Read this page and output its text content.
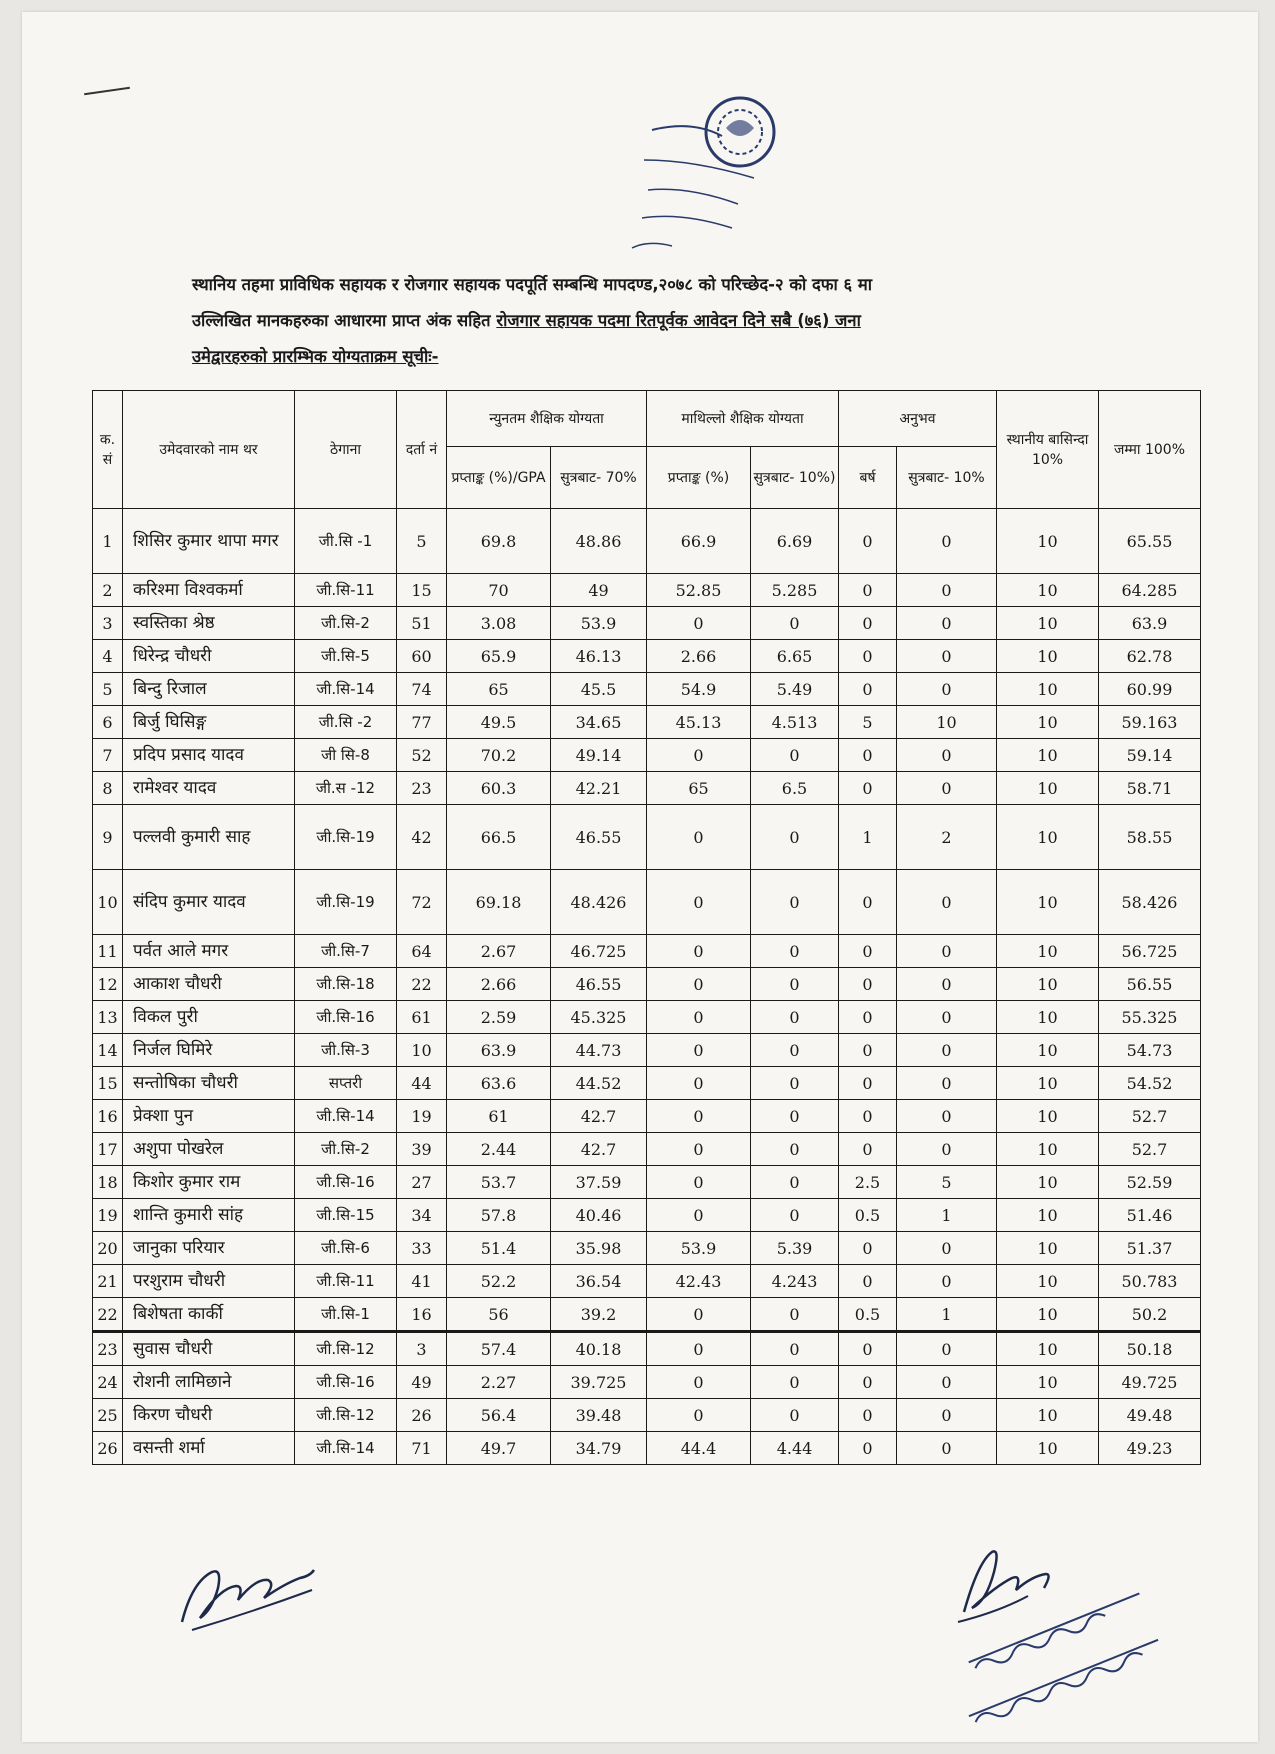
स्थानिय तहमा प्राविधिक सहायक र रोजगार सहायक पदपूर्ति सम्बन्धि मापदण्ड,२०७८ को परिच्छेद-२ को दफा ६ मा
उल्लिखित मानकहरुका आधारमा प्राप्त अंक सहित रोजगार सहायक पदमा रितपूर्वक आवेदन दिने सबै (७६) जना
उमेद्वारहरुको प्रारम्भिक योग्यताक्रम सूचीः-
क. सं	उमेदवारको नाम थर	ठेगाना	दर्ता नं	न्युनतम शैक्षिक योग्यता		माथिल्लो शैक्षिक योग्यता		अनुभव		स्थानीय बासिन्दा 10%	जम्मा 100%
				प्रप्ताङ्क (%)/GPA	सुत्रबाट- 70%	प्रप्ताङ्क (%)	सुत्रबाट- 10%)	बर्ष	सुत्रबाट- 10%		
1	शिसिर कुमार थापा मगर	जी.सि -1	5	69.8	48.86	66.9	6.69	0	0	10	65.55
2	करिश्मा विश्वकर्मा	जी.सि-11	15	70	49	52.85	5.285	0	0	10	64.285
3	स्वस्तिका श्रेष्ठ	जी.सि-2	51	3.08	53.9	0	0	0	0	10	63.9
4	धिरेन्द्र चौधरी	जी.सि-5	60	65.9	46.13	2.66	6.65	0	0	10	62.78
5	बिन्दु रिजाल	जी.सि-14	74	65	45.5	54.9	5.49	0	0	10	60.99
6	बिर्जु घिसिङ्ग	जी.सि -2	77	49.5	34.65	45.13	4.513	5	10	10	59.163
7	प्रदिप प्रसाद यादव	जी सि-8	52	70.2	49.14	0	0	0	0	10	59.14
8	रामेश्वर यादव	जी.स -12	23	60.3	42.21	65	6.5	0	0	10	58.71
9	पल्लवी कुमारी साह	जी.सि-19	42	66.5	46.55	0	0	1	2	10	58.55
10	संदिप कुमार यादव	जी.सि-19	72	69.18	48.426	0	0	0	0	10	58.426
11	पर्वत आले मगर	जी.सि-7	64	2.67	46.725	0	0	0	0	10	56.725
12	आकाश चौधरी	जी.सि-18	22	2.66	46.55	0	0	0	0	10	56.55
13	विकल पुरी	जी.सि-16	61	2.59	45.325	0	0	0	0	10	55.325
14	निर्जल घिमिरे	जी.सि-3	10	63.9	44.73	0	0	0	0	10	54.73
15	सन्तोषिका चौधरी	सप्तरी	44	63.6	44.52	0	0	0	0	10	54.52
16	प्रेक्शा पुन	जी.सि-14	19	61	42.7	0	0	0	0	10	52.7
17	अशुपा पोखरेल	जी.सि-2	39	2.44	42.7	0	0	0	0	10	52.7
18	किशोर कुमार राम	जी.सि-16	27	53.7	37.59	0	0	2.5	5	10	52.59
19	शान्ति कुमारी सांह	जी.सि-15	34	57.8	40.46	0	0	0.5	1	10	51.46
20	जानुका परियार	जी.सि-6	33	51.4	35.98	53.9	5.39	0	0	10	51.37
21	परशुराम चौधरी	जी.सि-11	41	52.2	36.54	42.43	4.243	0	0	10	50.783
22	बिशेषता कार्की	जी.सि-1	16	56	39.2	0	0	0.5	1	10	50.2
23	सुवास चौधरी	जी.सि-12	3	57.4	40.18	0	0	0	0	10	50.18
24	रोशनी लामिछाने	जी.सि-16	49	2.27	39.725	0	0	0	0	10	49.725
25	किरण चौधरी	जी.सि-12	26	56.4	39.48	0	0	0	0	10	49.48
26	वसन्ती शर्मा	जी.सि-14	71	49.7	34.79	44.4	4.44	0	0	10	49.23
